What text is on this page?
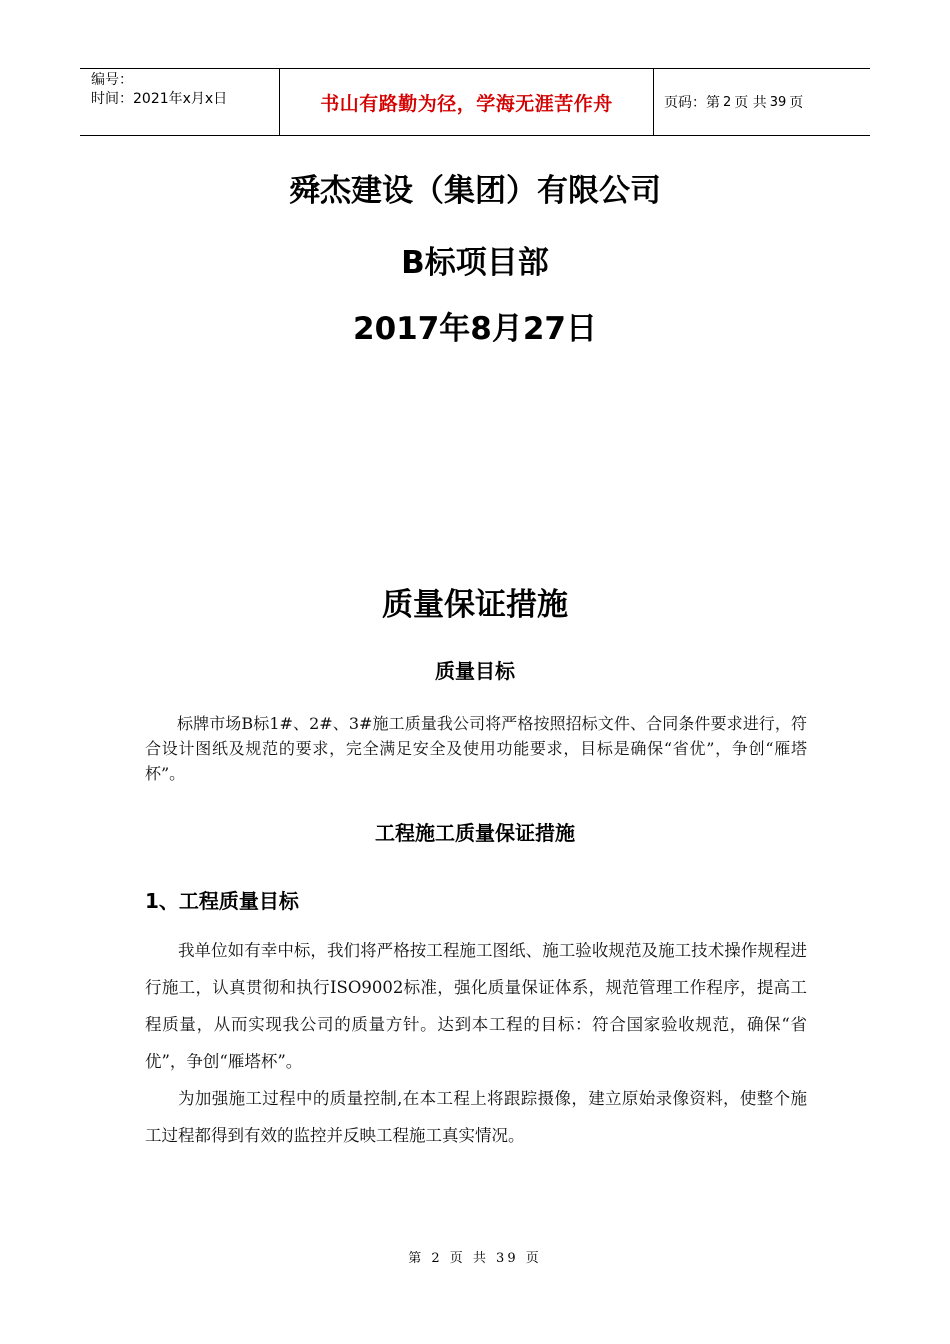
编号：
时间：2021年x月x日	书山有路勤为径，学海无涯苦作舟	页码：第 2 页 共 39 页
舜杰建设（集团）有限公司
B标项目部
2017年8月27日
质量保证措施
质量目标
标牌市场B标1#、2#、3#施工质量我公司将严格按照招标文件、合同条件要求进行，符合设计图纸及规范的要求，完全满足安全及使用功能要求，目标是确保“省优”，争创“雁塔杯”。
工程施工质量保证措施
1、工程质量目标
我单位如有幸中标，我们将严格按工程施工图纸、施工验收规范及施工技术操作规程进行施工，认真贯彻和执行ISO9002标准，强化质量保证体系，规范管理工作程序，提高工程质量，从而实现我公司的质量方针。达到本工程的目标：符合国家验收规范，确保“省优”，争创“雁塔杯”。
为加强施工过程中的质量控制,在本工程上将跟踪摄像，建立原始录像资料，使整个施工过程都得到有效的监控并反映工程施工真实情况。
第 2 页 共 39 页
